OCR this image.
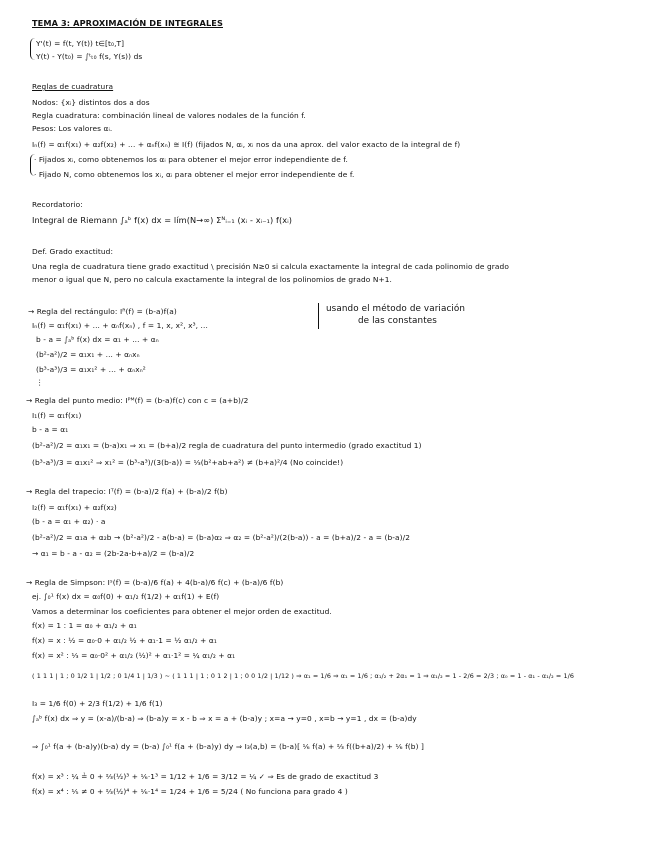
TEMA 3: APROXIMACIÓN DE INTEGRALES
Y'(t) = f(t, Y(t)) t∈[t₀,T]
Y(t) - Y(t₀) = ∫ᵗₜ₀ f(s, Y(s)) ds
Reglas de cuadratura
Nodos: {xᵢ} distintos dos a dos
Regla cuadratura: combinación lineal de valores nodales de la función f.
Pesos: Los valores αᵢ.
Iₙ(f) = α₁f(x₁) + α₂f(x₂) + ... + αₙf(xₙ) ≅ I(f) (fijados N, αᵢ, xᵢ nos da una aprox. del valor exacto de la integral de f)
· Fijados xᵢ, como obtenemos los αᵢ para obtener el mejor error independiente de f.
· Fijado N, como obtenemos los xᵢ, αᵢ para obtener el mejor error independiente de f.
Recordatorio:
Integral de Riemann ∫ₐᵇ f(x) dx = lím(N→∞) Σᴺᵢ₌₁ (xᵢ - xᵢ₋₁) f(xᵢ)
Def. Grado exactitud:
Una regla de cuadratura tiene grado exactitud \ precisión N≥0 si calcula exactamente la integral de cada polinomio de grado
menor o igual que N, pero no calcula exactamente la integral de los polinomios de grado N+1.
usando el método de variación
de las constantes
→ Regla del rectángulo: Iᴿ(f) = (b-a)f(a)
Iₙ(f) = α₁f(x₁) + ... + αₙf(xₙ) , f = 1, x, x², x³, ...
b - a = ∫ₐᵇ f(x) dx = α₁ + ... + αₙ
(b²-a²)/2 = α₁x₁ + ... + αₙxₙ
(b³-a³)/3 = α₁x₁² + ... + αₙxₙ²
⋮
→ Regla del punto medio: Iᴾᴹ(f) = (b-a)f(c) con c = (a+b)/2
I₁(f) = α₁f(x₁)
b - a = α₁
(b²-a²)/2 = α₁x₁ = (b-a)x₁ ⇒ x₁ = (b+a)/2 regla de cuadratura del punto intermedio (grado exactitud 1)
(b³-a³)/3 = α₁x₁² ⇒ x₁² = (b³-a³)/(3(b-a)) = ⅓(b²+ab+a²) ≠ (b+a)²/4 (No coincide!)
→ Regla del trapecio: Iᵀ(f) = (b-a)/2 f(a) + (b-a)/2 f(b)
I₂(f) = α₁f(x₁) + α₂f(x₂)
(b - a = α₁ + α₂) · a
(b²-a²)/2 = α₁a + α₂b → (b²-a²)/2 - a(b-a) = (b-a)α₂ ⇒ α₂ = (b²-a²)/(2(b-a)) - a = (b+a)/2 - a = (b-a)/2
→ α₁ = b - a - α₂ = (2b-2a-b+a)/2 = (b-a)/2
→ Regla de Simpson: Iˢ(f) = (b-a)/6 f(a) + 4(b-a)/6 f(c) + (b-a)/6 f(b)
ej. ∫₀¹ f(x) dx = α₀f(0) + α₁/₂ f(1/2) + α₁f(1) + E(f)
Vamos a determinar los coeficientes para obtener el mejor orden de exactitud.
f(x) = 1 : 1 = α₀ + α₁/₂ + α₁
f(x) = x : ½ = α₀·0 + α₁/₂ ½ + α₁·1 = ½ α₁/₂ + α₁
f(x) = x² : ⅓ = α₀·0² + α₁/₂ (½)² + α₁·1² = ¼ α₁/₂ + α₁
( 1 1 1 | 1 ; 0 1/2 1 | 1/2 ; 0 1/4 1 | 1/3 ) ~ ( 1 1 1 | 1 ; 0 1 2 | 1 ; 0 0 1/2 | 1/12 ) ⇒ α₁ = 1/6 ⇒ α₁ = 1/6 ; α₁/₂ + 2α₁ = 1 ⇒ α₁/₂ = 1 - 2/6 = 2/3 ; α₀ = 1 - α₁ - α₁/₂ = 1/6
I₃ = 1/6 f(0) + 2/3 f(1/2) + 1/6 f(1)
∫ₐᵇ f(x) dx ⇒ y = (x-a)/(b-a) ⇒ (b-a)y = x - b ⇒ x = a + (b-a)y ; x=a → y=0 , x=b → y=1 , dx = (b-a)dy
⇒ ∫₀¹ f(a + (b-a)y)(b-a) dy = (b-a) ∫₀¹ f(a + (b-a)y) dy ⇒ I₃(a,b) = (b-a)[ ⅙ f(a) + ⅔ f((b+a)/2) + ⅙ f(b) ]
f(x) = x³ : ¼ ≟ 0 + ⅔(½)³ + ⅙·1³ = 1/12 + 1/6 = 3/12 = ¼ ✓ ⇒ Es de grado de exactitud 3
f(x) = x⁴ : ⅕ ≠ 0 + ⅔(½)⁴ + ⅙·1⁴ = 1/24 + 1/6 = 5/24 ( No funciona para grado 4 )
